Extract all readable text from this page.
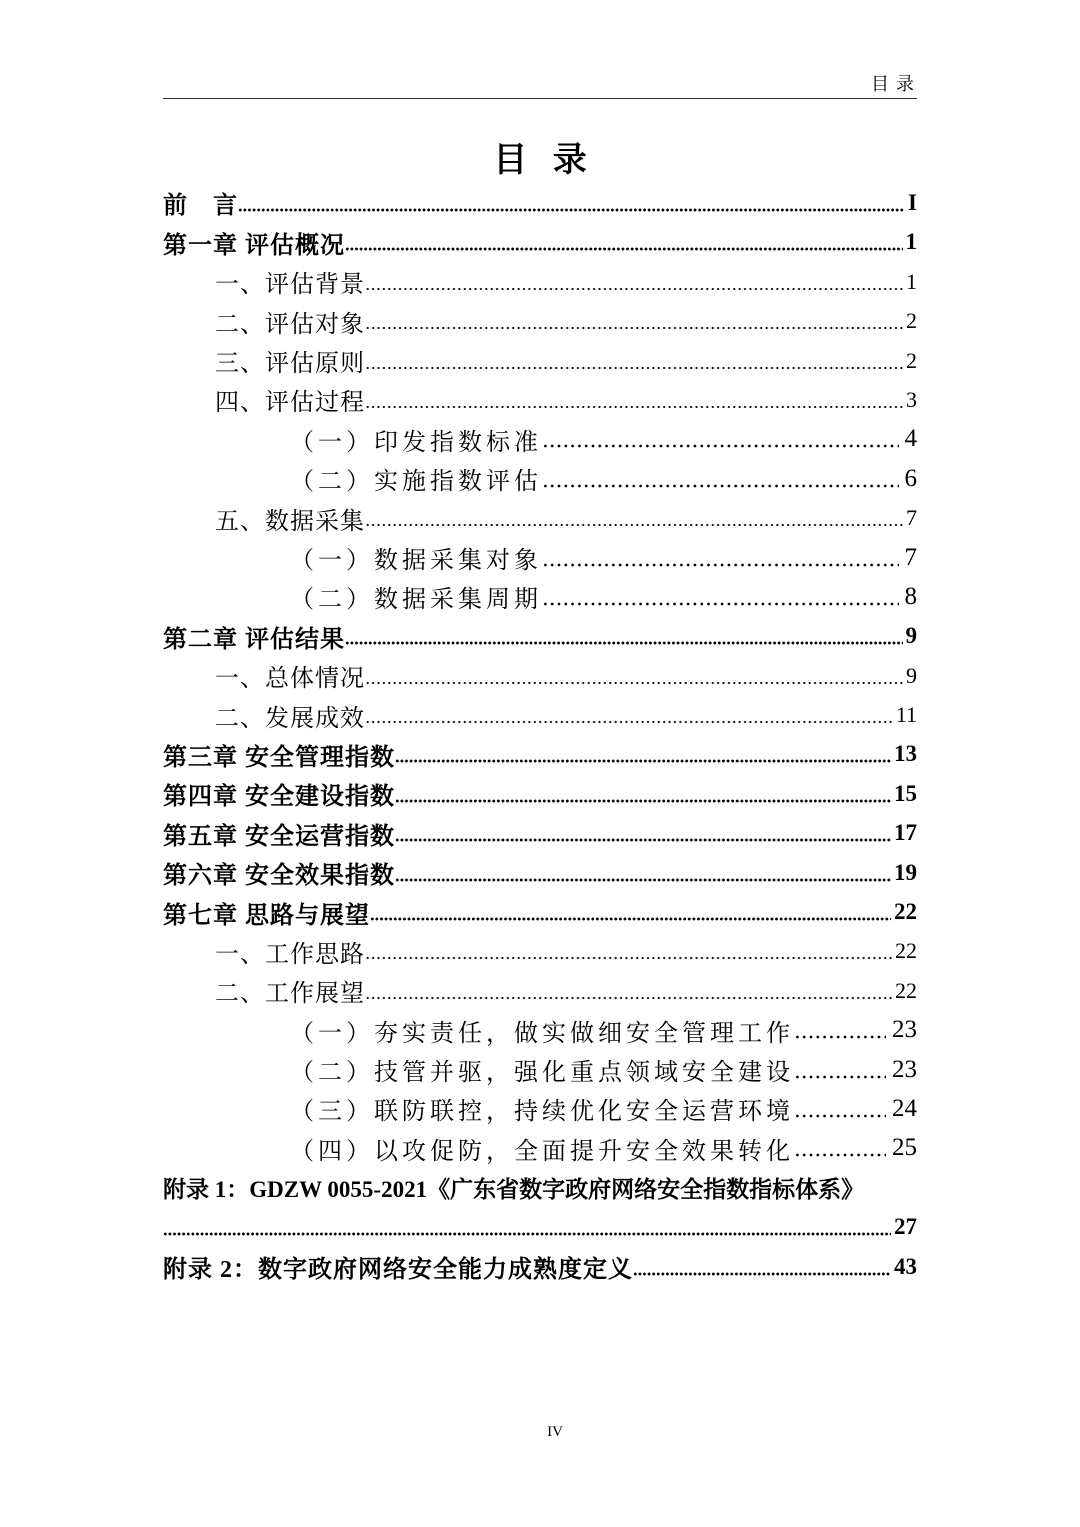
目 录
目 录
前　言	I
第一章 评估概况	1
一、评估背景	1
二、评估对象	2
三、评估原则	2
四、评估过程	3
（一）印发指数标准	4
（二）实施指数评估	6
五、数据采集	7
（一）数据采集对象	7
（二）数据采集周期	8
第二章 评估结果	9
一、总体情况	9
二、发展成效	11
第三章 安全管理指数	13
第四章 安全建设指数	15
第五章 安全运营指数	17
第六章 安全效果指数	19
第七章 思路与展望	22
一、工作思路	22
二、工作展望	22
（一）夯实责任，做实做细安全管理工作	23
（二）技管并驱，强化重点领域安全建设	23
（三）联防联控，持续优化安全运营环境	24
（四）以攻促防，全面提升安全效果转化	25
附录 1：GDZW 0055-2021《广东省数字政府网络安全指数指标体系》
27
附录 2：数字政府网络安全能力成熟度定义	43
IV
